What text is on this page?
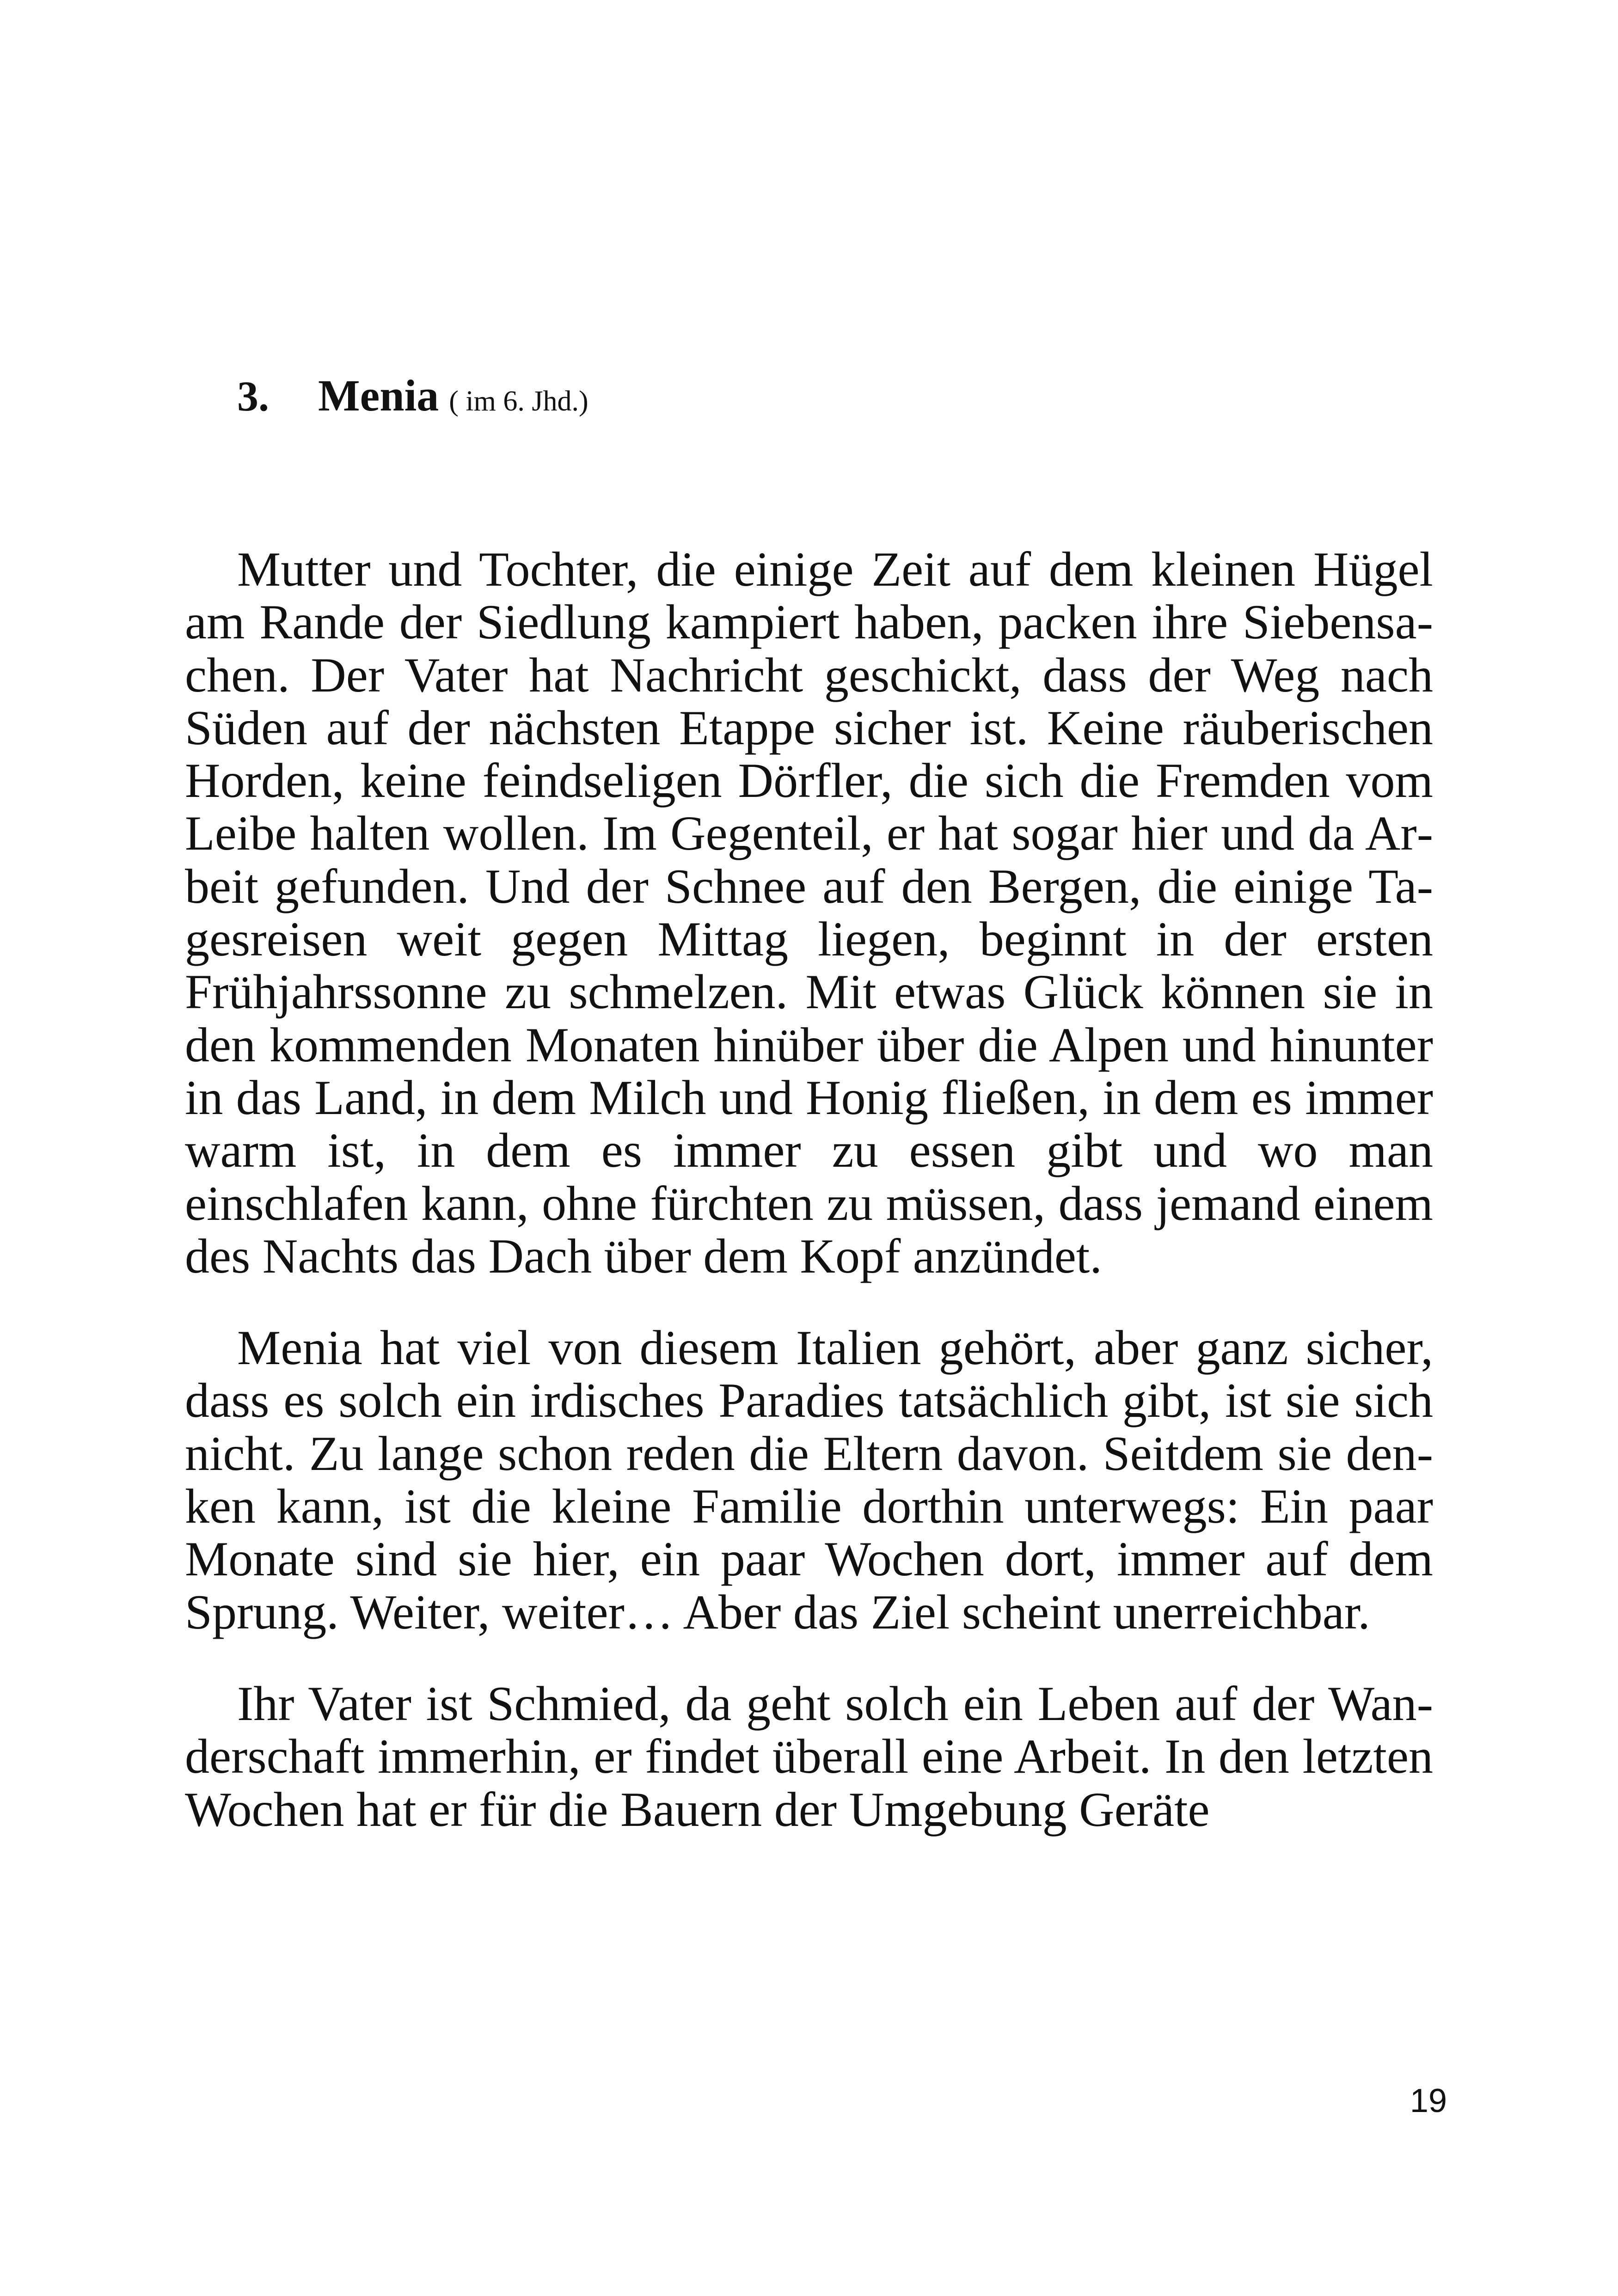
3.	Menia ( im 6. Jhd.)

Mutter und Tochter, die einige Zeit auf dem kleinen Hügel am Rande der Siedlung kampiert haben, packen ihre Siebensachen. Der Vater hat Nachricht geschickt, dass der Weg nach Süden auf der nächsten Etappe sicher ist. Keine räuberischen Horden, keine feindseligen Dörfler, die sich die Fremden vom Leibe halten wollen. Im Gegenteil, er hat sogar hier und da Arbeit gefunden. Und der Schnee auf den Bergen, die einige Tagesreisen weit gegen Mittag liegen, beginnt in der ersten Frühjahrssonne zu schmelzen. Mit etwas Glück können sie in den kommenden Monaten hinüber über die Alpen und hinunter in das Land, in dem Milch und Honig fließen, in dem es immer warm ist, in dem es immer zu essen gibt und wo man einschlafen kann, ohne fürchten zu müssen, dass jemand einem des Nachts das Dach über dem Kopf anzündet.

Menia hat viel von diesem Italien gehört, aber ganz sicher, dass es solch ein irdisches Paradies tatsächlich gibt, ist sie sich nicht. Zu lange schon reden die Eltern davon. Seitdem sie denken kann, ist die kleine Familie dorthin unterwegs: Ein paar Monate sind sie hier, ein paar Wochen dort, immer auf dem Sprung. Weiter, weiter… Aber das Ziel scheint unerreichbar.

Ihr Vater ist Schmied, da geht solch ein Leben auf der Wanderschaft immerhin, er findet überall eine Arbeit. In den letzten Wochen hat er für die Bauern der Umgebung Geräte

19
